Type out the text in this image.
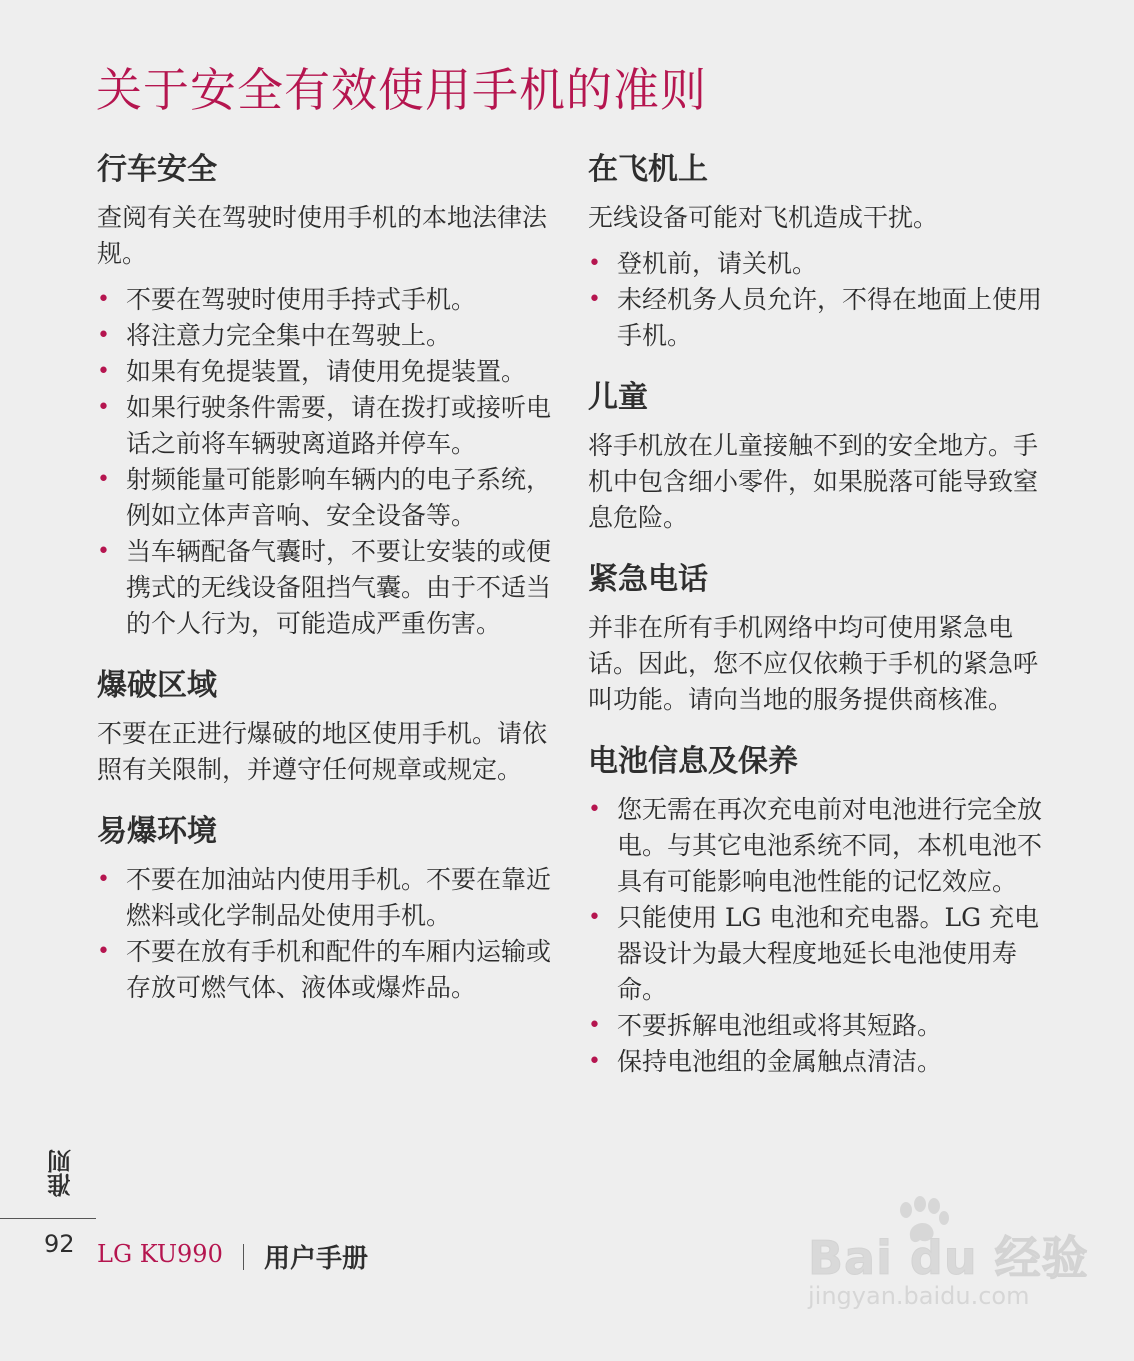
关于安全有效使用手机的准则
行车安全

查阅有关在驾驶时使用手机的本地法律法规。

• 不要在驾驶时使用手持式手机。
• 将注意力完全集中在驾驶上。
• 如果有免提装置，请使用免提装置。
• 如果行驶条件需要，请在拨打或接听电话之前将车辆驶离道路并停车。
• 射频能量可能影响车辆内的电子系统，例如立体声音响、安全设备等。
• 当车辆配备气囊时，不要让安装的或便携式的无线设备阻挡气囊。由于不适当的个人行为，可能造成严重伤害。
爆破区域

不要在正进行爆破的地区使用手机。请依照有关限制，并遵守任何规章或规定。

易爆环境
• 不要在加油站内使用手机。不要在靠近燃料或化学制品处使用手机。
• 不要在放有手机和配件的车厢内运输或存放可燃气体、液体或爆炸品。
在飞机上

无线设备可能对飞机造成干扰。

• 登机前，请关机。
• 未经机务人员允许，不得在地面上使用手机。
儿童

将手机放在儿童接触不到的安全地方。手机中包含细小零件，如果脱落可能导致窒息危险。

紧急电话

并非在所有手机网络中均可使用紧急电话。因此，您不应仅依赖于手机的紧急呼叫功能。请向当地的服务提供商核准。

电池信息及保养
• 您无需在再次充电前对电池进行完全放电。与其它电池系统不同，本机电池不具有可能影响电池性能的记忆效应。
• 只能使用 LG 电池和充电器。LG 充电器设计为最大程度地延长电池使用寿命。
• 不要拆解电池组或将其短路。
• 保持电池组的金属触点清洁。
准则
92 LG KU990 用户手册	Bai du 经验
jingyan.baidu.com
